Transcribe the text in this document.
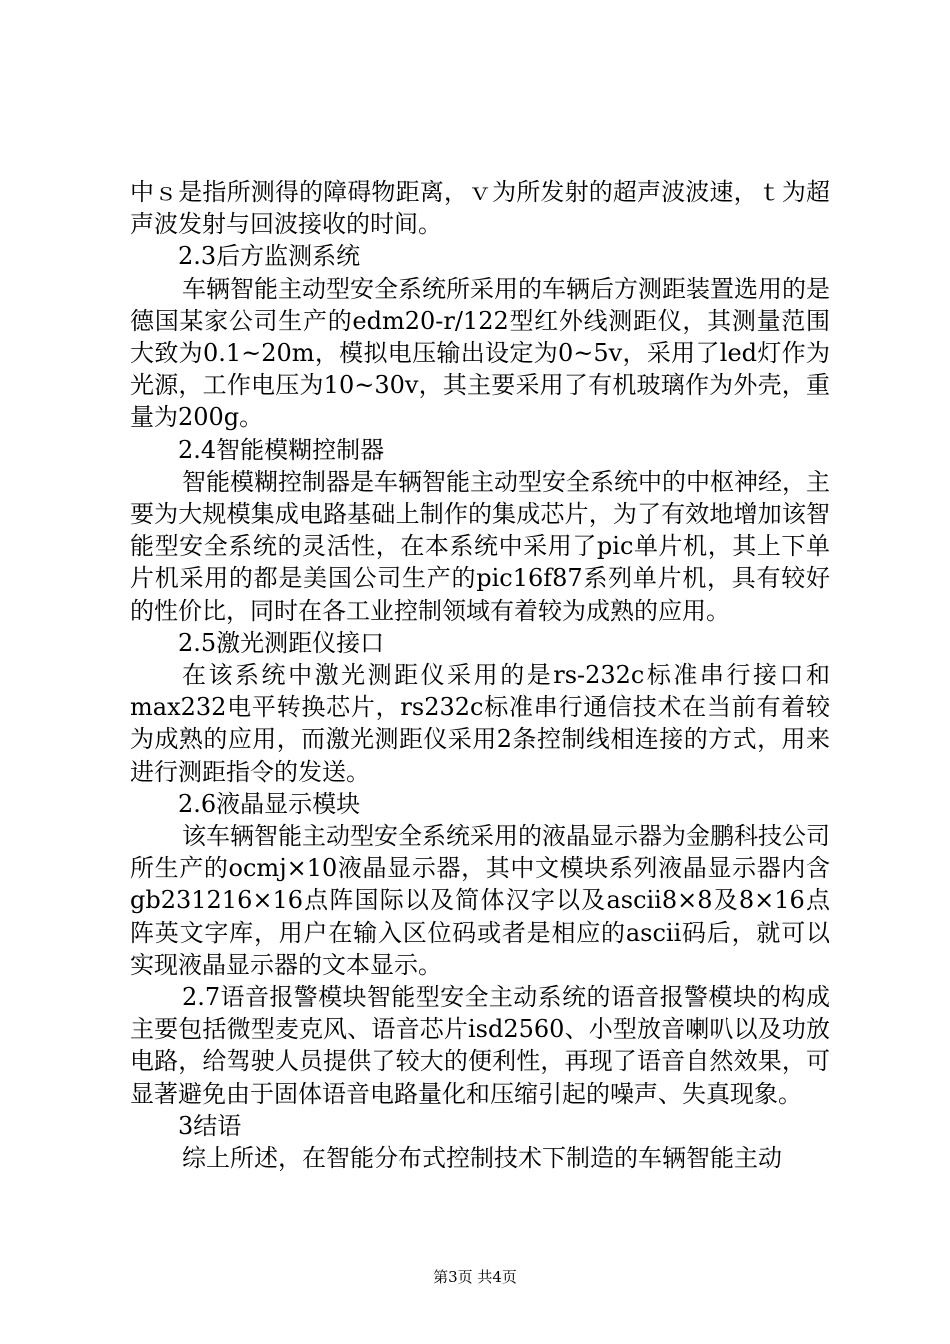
中ｓ是指所测得的障碍物距离，ｖ为所发射的超声波波速，ｔ为超声波发射与回波接收的时间。

2.3后方监测系统

车辆智能主动型安全系统所采用的车辆后方测距装置选用的是德国某家公司生产的edm20-r/122型红外线测距仪，其测量范围大致为0.1~20m，模拟电压输出设定为0~5v，采用了led灯作为光源，工作电压为10~30v，其主要采用了有机玻璃作为外壳，重量为200g。

2.4智能模糊控制器

智能模糊控制器是车辆智能主动型安全系统中的中枢神经，主要为大规模集成电路基础上制作的集成芯片，为了有效地增加该智能型安全系统的灵活性，在本系统中采用了pic单片机，其上下单片机采用的都是美国公司生产的pic16f87系列单片机，具有较好的性价比，同时在各工业控制领域有着较为成熟的应用。

2.5激光测距仪接口

在该系统中激光测距仪采用的是rs-232c标准串行接口和max232电平转换芯片，rs232c标准串行通信技术在当前有着较为成熟的应用，而激光测距仪采用2条控制线相连接的方式，用来进行测距指令的发送。

2.6液晶显示模块

该车辆智能主动型安全系统采用的液晶显示器为金鹏科技公司所生产的ocmj×10液晶显示器，其中文模块系列液晶显示器内含gb231216×16点阵国际以及简体汉字以及ascii8×8及8×16点阵英文字库，用户在输入区位码或者是相应的ascii码后，就可以实现液晶显示器的文本显示。

2.7语音报警模块智能型安全主动系统的语音报警模块的构成主要包括微型麦克风、语音芯片isd2560、小型放音喇叭以及功放电路，给驾驶人员提供了较大的便利性，再现了语音自然效果，可显著避免由于固体语音电路量化和压缩引起的噪声、失真现象。

3结语

综上所述，在智能分布式控制技术下制造的车辆智能主动

第3页 共4页
